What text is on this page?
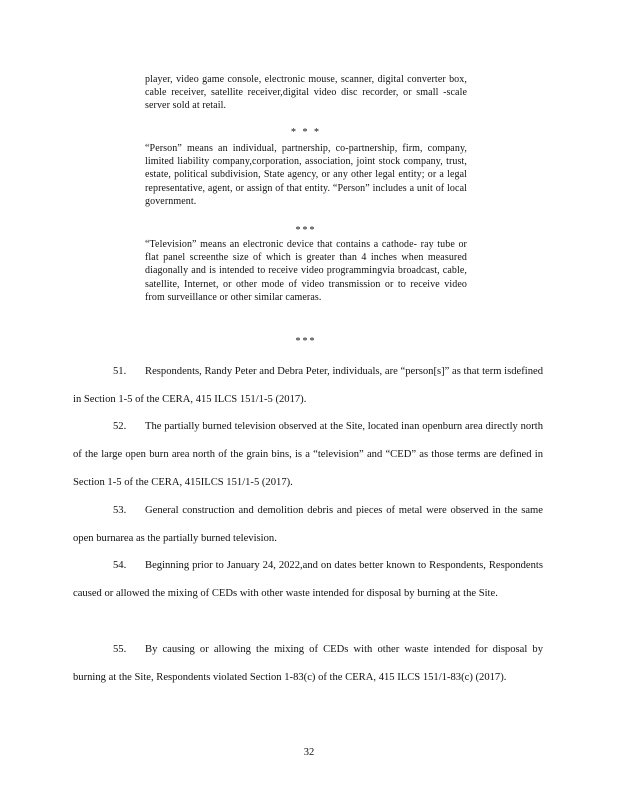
player, video game console, electronic mouse, scanner, digital converter box, cable receiver, satellite receiver,digital video disc recorder, or small -scale server sold at retail.
* * *
“Person” means an individual, partnership, co-partnership, firm, company, limited liability company,corporation, association, joint stock company, trust, estate, political subdivision, State agency, or any other legal entity; or a legal representative, agent, or assign of that entity. “Person” includes a unit of local government.
***
“Television” means an electronic device that contains a cathode- ray tube or flat panel screenthe size of which is greater than 4 inches when measured diagonally and is intended to receive video programmingvia broadcast, cable, satellite, Internet, or other mode of video transmission or to receive video from surveillance or other similar cameras.
***
51. Respondents, Randy Peter and Debra Peter, individuals, are “person[s]” as that term isdefined in Section 1-5 of the CERA, 415 ILCS 151/1-5 (2017).
52. The partially burned television observed at the Site, located inan openburn area directly north of the large open burn area north of the grain bins, is a “television” and “CED” as those terms are defined in Section 1-5 of the CERA, 415ILCS 151/1-5 (2017).
53. General construction and demolition debris and pieces of metal were observed in the same open burnarea as the partially burned television.
54. Beginning prior to January 24, 2022,and on dates better known to Respondents, Respondents caused or allowed the mixing of CEDs with other waste intended for disposal by burning at the Site.
55. By causing or allowing the mixing of CEDs with other waste intended for disposal by burning at the Site, Respondents violated Section 1-83(c) of the CERA, 415 ILCS 151/1-83(c) (2017).
32
